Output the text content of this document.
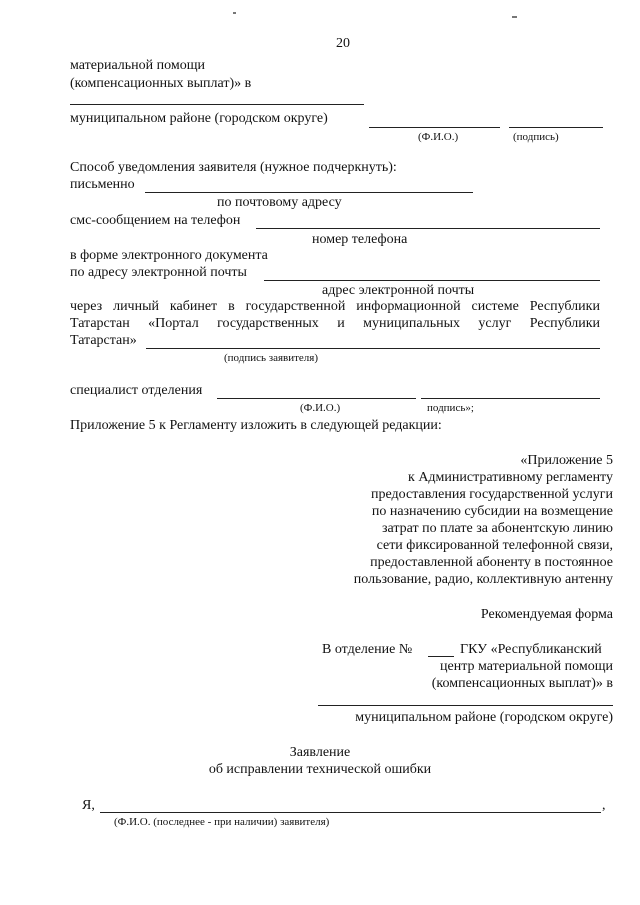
20
материальной помощи
(компенсационных выплат)» в
муниципальном районе (городском округе)
(Ф.И.О.)	(подпись)
Способ уведомления заявителя (нужное подчеркнуть):
письменно
по почтовому адресу
смс-сообщением на телефон
номер телефона
в форме электронного документа
по адресу электронной почты
адрес электронной почты
через личный кабинет в государственной информационной системе Республики
Татарстан «Портал государственных и муниципальных услуг Республики
Татарстан»
(подпись заявителя)
специалист отделения
(Ф.И.О.)	подпись»;
Приложение 5 к Регламенту изложить в следующей редакции:
«Приложение 5
к Административному регламенту
предоставления государственной услуги
по назначению субсидии на возмещение
затрат по плате за абонентскую линию
сети фиксированной телефонной связи,
предоставленной абоненту в постоянное
пользование, радио, коллективную антенну
Рекомендуемая форма
В отделение №	ГКУ «Республиканский
центр материальной помощи
(компенсационных выплат)» в
муниципальном районе (городском округе)
Заявление
об исправлении технической ошибки
Я,	,
(Ф.И.О. (последнее - при наличии) заявителя)
